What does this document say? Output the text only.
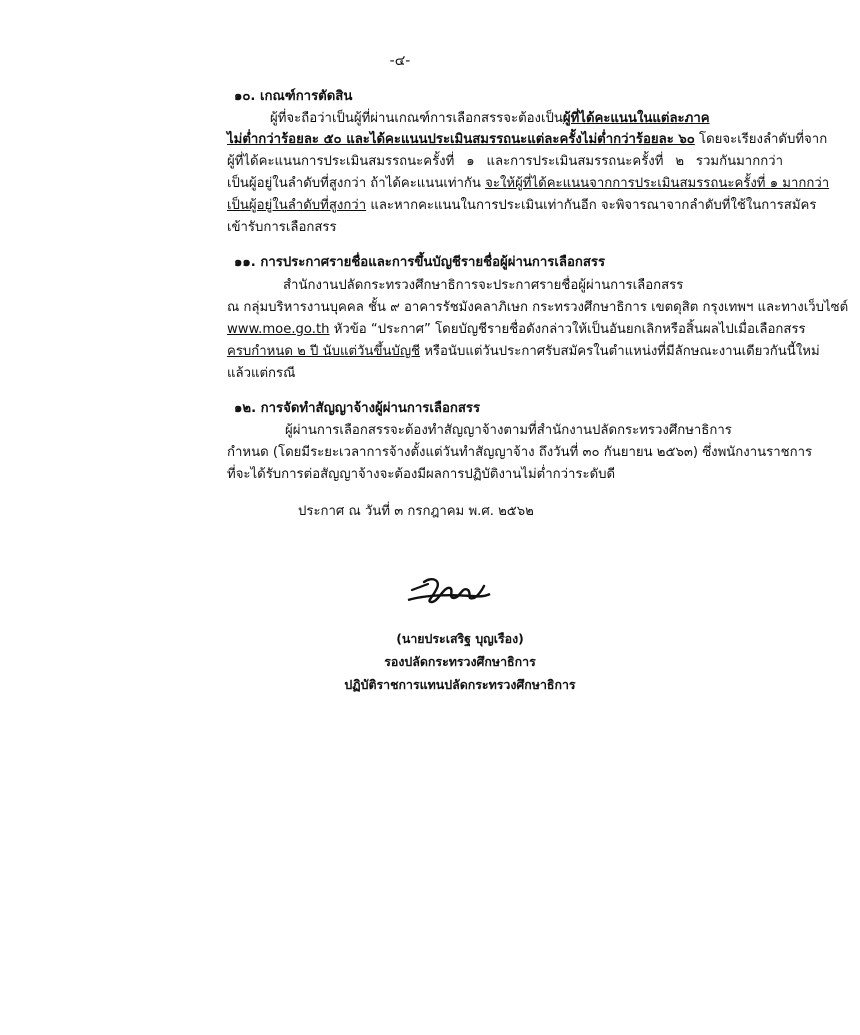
-๔-
๑๐. เกณฑ์การตัดสิน
ผู้ที่จะถือว่าเป็นผู้ที่ผ่านเกณฑ์การเลือกสรรจะต้องเป็นผู้ที่ได้คะแนนในแต่ละภาค
ไม่ต่ำกว่าร้อยละ ๕๐ และได้คะแนนประเมินสมรรถนะแต่ละครั้งไม่ต่ำกว่าร้อยละ ๖๐ โดยจะเรียงลำดับที่จาก
ผู้ที่ได้คะแนนการประเมินสมรรถนะครั้งที่ ๑ และการประเมินสมรรถนะครั้งที่ ๒ รวมกันมากกว่า
เป็นผู้อยู่ในลำดับที่สูงกว่า ถ้าได้คะแนนเท่ากัน จะให้ผู้ที่ได้คะแนนจากการประเมินสมรรถนะครั้งที่ ๑ มากกว่า
เป็นผู้อยู่ในลำดับที่สูงกว่า และหากคะแนนในการประเมินเท่ากันอีก จะพิจารณาจากลำดับที่ใช้ในการสมัคร
เข้ารับการเลือกสรร
๑๑. การประกาศรายชื่อและการขึ้นบัญชีรายชื่อผู้ผ่านการเลือกสรร
สำนักงานปลัดกระทรวงศึกษาธิการจะประกาศรายชื่อผู้ผ่านการเลือกสรร
ณ กลุ่มบริหารงานบุคคล ชั้น ๙ อาคารรัชมังคลาภิเษก กระทรวงศึกษาธิการ เขตดุสิต กรุงเทพฯ และทางเว็บไซต์
www.moe.go.th หัวข้อ “ประกาศ” โดยบัญชีรายชื่อดังกล่าวให้เป็นอันยกเลิกหรือสิ้นผลไปเมื่อเลือกสรร
ครบกำหนด ๒ ปี นับแต่วันขึ้นบัญชี หรือนับแต่วันประกาศรับสมัครในตำแหน่งที่มีลักษณะงานเดียวกันนี้ใหม่
แล้วแต่กรณี
๑๒. การจัดทำสัญญาจ้างผู้ผ่านการเลือกสรร
ผู้ผ่านการเลือกสรรจะต้องทำสัญญาจ้างตามที่สำนักงานปลัดกระทรวงศึกษาธิการ
กำหนด (โดยมีระยะเวลาการจ้างตั้งแต่วันทำสัญญาจ้าง ถึงวันที่ ๓๐ กันยายน ๒๕๖๓) ซึ่งพนักงานราชการ
ที่จะได้รับการต่อสัญญาจ้างจะต้องมีผลการปฏิบัติงานไม่ต่ำกว่าระดับดี
ประกาศ ณ วันที่ ๓ กรกฎาคม พ.ศ. ๒๕๖๒
(นายประเสริฐ บุญเรือง)
รองปลัดกระทรวงศึกษาธิการ
ปฏิบัติราชการแทนปลัดกระทรวงศึกษาธิการ
